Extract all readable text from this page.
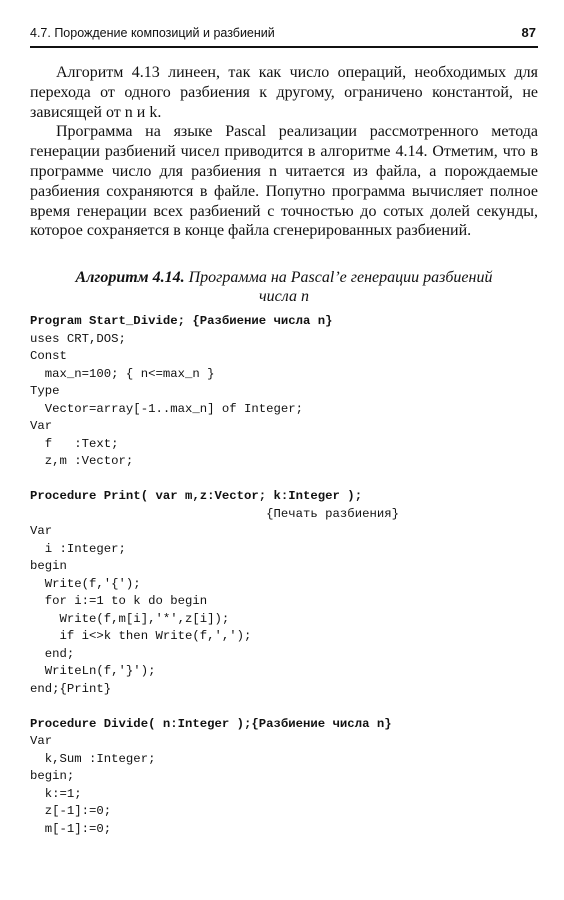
4.7. Порождение композиций и разбиений	87

Алгоритм 4.13 линеен, так как число операций, необходимых для перехода от одного разбиения к другому, ограничено константой, не зависящей от n и k.

Программа на языке Pascal реализации рассмотренного метода генерации разбиений чисел приводится в алгоритме 4.14. Отметим, что в программе число для разбиения n читается из файла, а порождаемые разбиения сохраняются в файле. Попутно программа вычисляет полное время генерации всех разбиений с точностью до сотых долей секунды, которое сохраняется в конце файла сгенерированных разбиений.

Алгоритм 4.14. Программа на Pascal’е генерации разбиений
числа n
Program Start_Divide; {Разбиение числа n}
uses CRT,DOS;
Const
max_n=100; { n<=max_n }
Type
Vector=array[-1..max_n] of Integer;
Var
f   :Text;
z,m :Vector;
Procedure Print( var m,z:Vector; k:Integer );
{Печать разбиения}
Var
i :Integer;
begin
Write(f,'{');
for i:=1 to k do begin
Write(f,m[i],'*',z[i]);
if i<>k then Write(f,',');
end;
WriteLn(f,'}');
end;{Print}
Procedure Divide( n:Integer );{Разбиение числа n}
Var
k,Sum :Integer;
begin;
k:=1;
z[-1]:=0;
m[-1]:=0;
